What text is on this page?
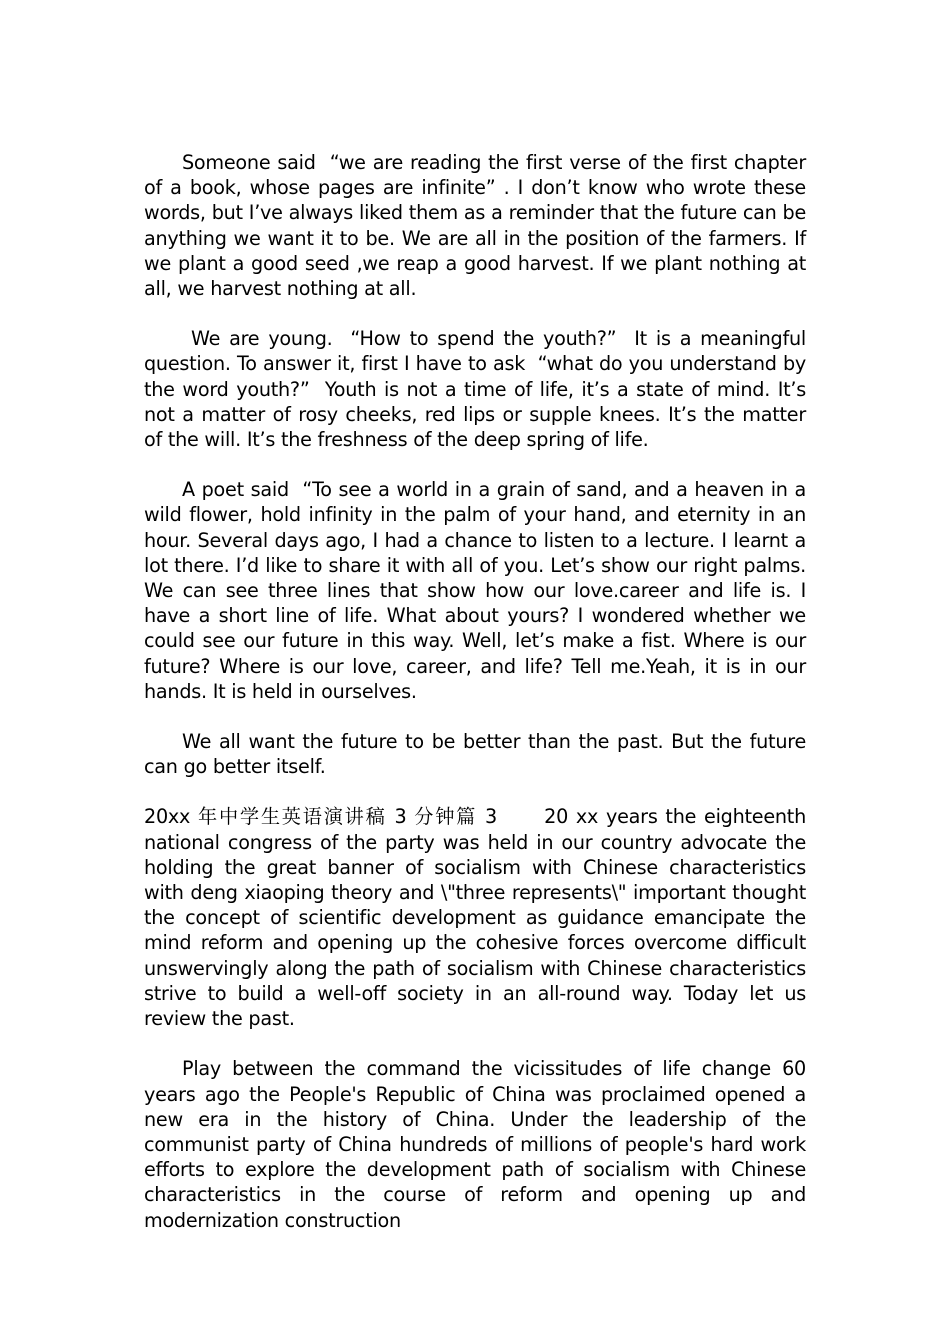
Someone said  “we are reading the first verse of the first chapter of a book, whose pages are infinite” . I don’t know who wrote these words, but I’ve always liked them as a reminder that the future can be anything we want it to be. We are all in the position of the farmers. If we plant a good seed ,we reap a good harvest. If we plant nothing at all, we harvest nothing at all.

We are young.  “How to spend the youth?”  It is a meaningful question. To answer it, first I have to ask  “what do you understand by the word youth?”  Youth is not a time of life, it’s a state of mind. It’s not a matter of rosy cheeks, red lips or supple knees. It’s the matter of the will. It’s the freshness of the deep spring of life.

A poet said  “To see a world in a grain of sand, and a heaven in a wild flower, hold infinity in the palm of your hand, and eternity in an hour. Several days ago, I had a chance to listen to a lecture. I learnt a lot there. I’d like to share it with all of you. Let’s show our right palms. We can see three lines that show how our love.career and life is. I have a short line of life. What about yours? I wondered whether we could see our future in this way. Well, let’s make a fist. Where is our future? Where is our love, career, and life? Tell me.Yeah, it is in our hands. It is held in ourselves.

We all want the future to be better than the past. But the future can go better itself.

20xx 年中学生英语演讲稿 3 分钟篇 3      20 xx years the eighteenth national congress of the party was held in our country advocate the holding the great banner of socialism with Chinese characteristics with deng xiaoping theory and \"three represents\" important thought the concept of scientific development as guidance emancipate the mind reform and opening up the cohesive forces overcome difficult unswervingly along the path of socialism with Chinese characteristics strive to build a well-off society in an all-round way. Today let us review the past.

Play between the command the vicissitudes of life change 60 years ago the People's Republic of China was proclaimed opened a new era in the history of China. Under the leadership of the communist party of China hundreds of millions of people's hard work efforts to explore the development path of socialism with Chinese characteristics in the course of reform and opening up and modernization construction
